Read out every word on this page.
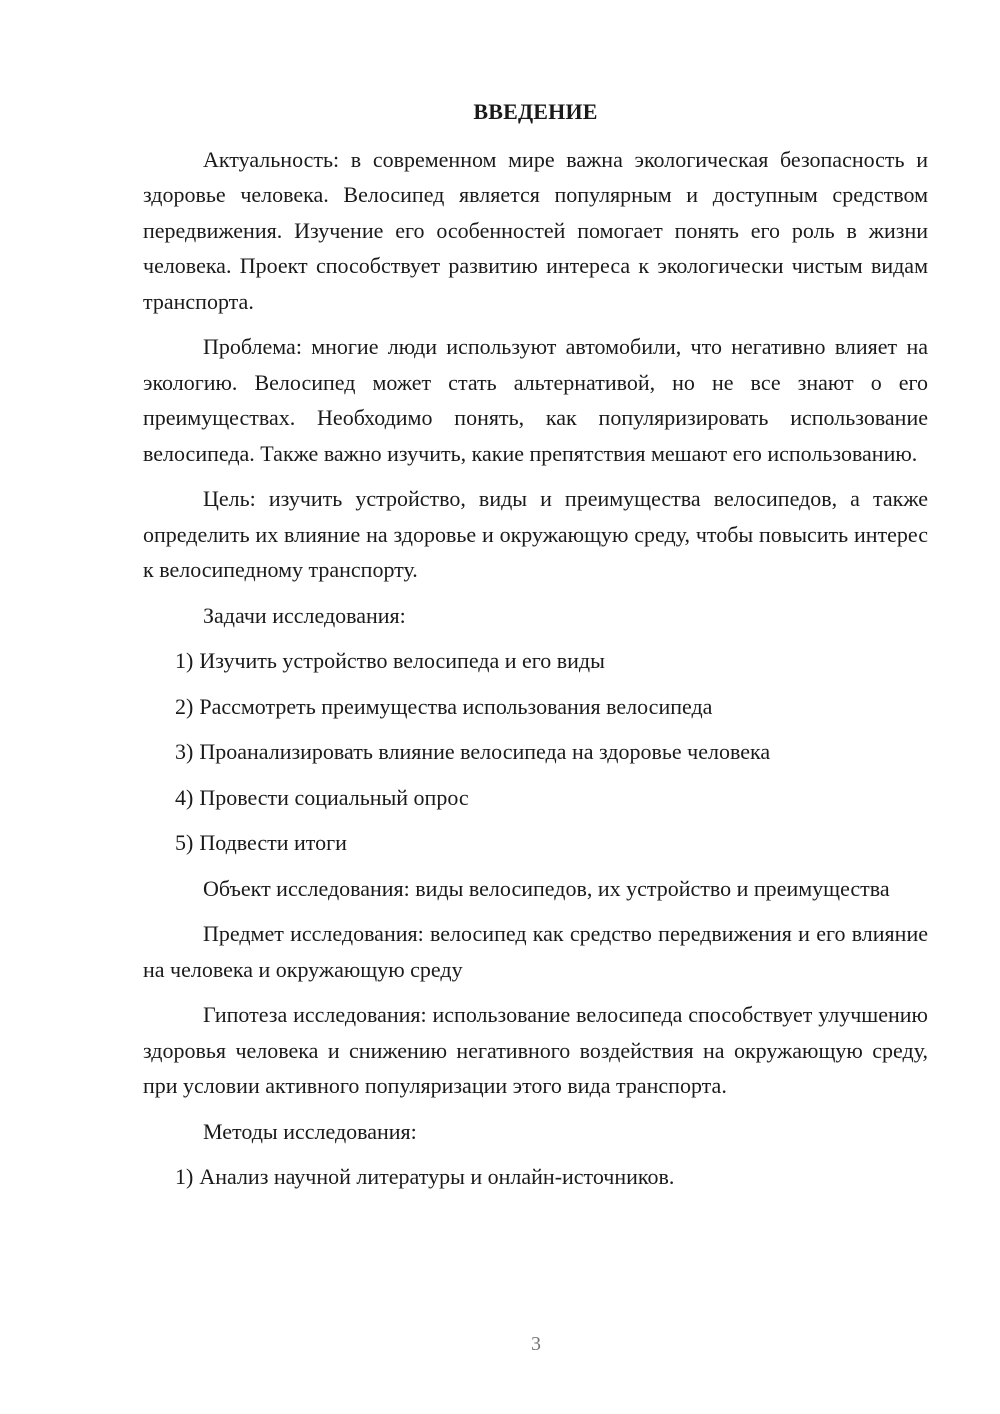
ВВЕДЕНИЕ

Актуальность: в современном мире важна экологическая безопасность и здоровье человека. Велосипед является популярным и доступным средством передвижения. Изучение его особенностей помогает понять его роль в жизни человека. Проект способствует развитию интереса к экологически чистым видам транспорта.

Проблема: многие люди используют автомобили, что негативно влияет на экологию. Велосипед может стать альтернативой, но не все знают о его преимуществах. Необходимо понять, как популяризировать использование велосипеда. Также важно изучить, какие препятствия мешают его использованию.

Цель: изучить устройство, виды и преимущества велосипедов, а также определить их влияние на здоровье и окружающую среду, чтобы повысить интерес к велосипедному транспорту.

Задачи исследования:

1) Изучить устройство велосипеда и его виды
2) Рассмотреть преимущества использования велосипеда
3) Проанализировать влияние велосипеда на здоровье человека
4) Провести социальный опрос
5) Подвести итоги

Объект исследования: виды велосипедов, их устройство и преимущества

Предмет исследования: велосипед как средство передвижения и его влияние на человека и окружающую среду

Гипотеза исследования: использование велосипеда способствует улучшению здоровья человека и снижению негативного воздействия на окружающую среду, при условии активного популяризации этого вида транспорта.

Методы исследования:

1) Анализ научной литературы и онлайн-источников.
3
